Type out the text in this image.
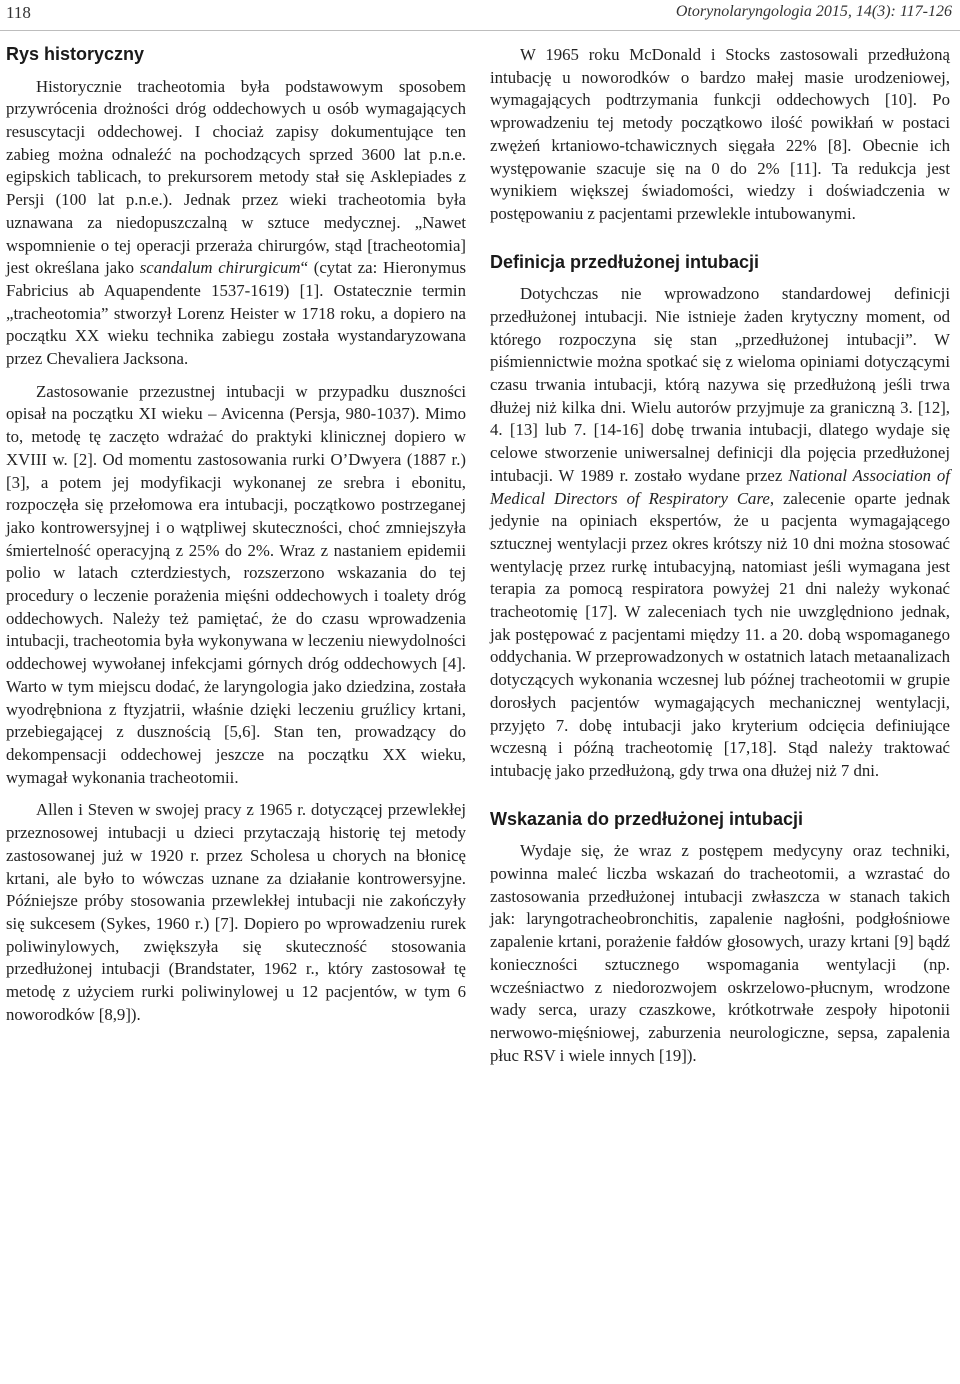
118	Otorynolaryngologia 2015, 14(3): 117-126
Rys historyczny

Historycznie tracheotomia była podstawowym sposobem przywrócenia drożności dróg oddechowych u osób wymagających resuscytacji oddechowej. I chociaż zapisy dokumentujące ten zabieg można odnaleźć na pochodzących sprzed 3600 lat p.n.e. egipskich tablicach, to prekursorem metody stał się Asklepiades z Persji (100 lat p.n.e.). Jednak przez wieki tracheotomia była uznawana za niedopuszczalną w sztuce medycznej. „Nawet wspomnienie o tej operacji przeraża chirurgów, stąd [tracheotomia] jest określana jako scandalum chirurgicum“ (cytat za: Hieronymus Fabricius ab Aquapendente 1537-1619) [1]. Ostatecznie termin „tracheotomia” stworzył Lorenz Heister w 1718 roku, a dopiero na początku XX wieku technika zabiegu została wystandaryzowana przez Chevaliera Jacksona.

Zastosowanie przezustnej intubacji w przypadku duszności opisał na początku XI wieku – Avicenna (Persja, 980-1037). Mimo to, metodę tę zaczęto wdrażać do praktyki klinicznej dopiero w XVIII w. [2]. Od momentu zastosowania rurki O’Dwyera (1887 r.) [3], a potem jej modyfikacji wykonanej ze srebra i ebonitu, rozpoczęła się przełomowa era intubacji, początkowo postrzeganej jako kontrowersyjnej i o wątpliwej skuteczności, choć zmniejszyła śmiertelność operacyjną z 25% do 2%. Wraz z nastaniem epidemii polio w latach czterdziestych, rozszerzono wskazania do tej procedury o leczenie porażenia mięśni oddechowych i toalety dróg oddechowych. Należy też pamiętać, że do czasu wprowadzenia intubacji, tracheotomia była wykonywana w leczeniu niewydolności oddechowej wywołanej infekcjami górnych dróg oddechowych [4]. Warto w tym miejscu dodać, że laryngologia jako dziedzina, została wyodrębniona z ftyzjatrii, właśnie dzięki leczeniu gruźlicy krtani, przebiegającej z dusznością [5,6]. Stan ten, prowadzący do dekompensacji oddechowej jeszcze na początku XX wieku, wymagał wykonania tracheotomii.

Allen i Steven w swojej pracy z 1965 r. dotyczącej przewlekłej przeznosowej intubacji u dzieci przytaczają historię tej metody zastosowanej już w 1920 r. przez Scholesa u chorych na błonicę krtani, ale było to wówczas uznane za działanie kontrowersyjne. Późniejsze próby stosowania przewlekłej intubacji nie zakończyły się sukcesem (Sykes, 1960 r.) [7]. Dopiero po wprowadzeniu rurek poliwinylowych, zwiększyła się skuteczność stosowania przedłużonej intubacji (Brandstater, 1962 r., który zastosował tę metodę z użyciem rurki poliwinylowej u 12 pacjentów, w tym 6 noworodków [8,9]).

W 1965 roku McDonald i Stocks zastosowali przedłużoną intubację u noworodków o bardzo małej masie urodzeniowej, wymagających podtrzymania funkcji oddechowych [10]. Po wprowadzeniu tej metody początkowo ilość powikłań w postaci zwężeń krtaniowo-tchawicznych sięgała 22% [8]. Obecnie ich występowanie szacuje się na 0 do 2% [11]. Ta redukcja jest wynikiem większej świadomości, wiedzy i doświadczenia w postępowaniu z pacjentami przewlekle intubowanymi.

Definicja przedłużonej intubacji

Dotychczas nie wprowadzono standardowej definicji przedłużonej intubacji. Nie istnieje żaden krytyczny moment, od którego rozpoczyna się stan „przedłużonej intubacji”. W piśmiennictwie można spotkać się z wieloma opiniami dotyczącymi czasu trwania intubacji, którą nazywa się przedłużoną jeśli trwa dłużej niż kilka dni. Wielu autorów przyjmuje za graniczną 3. [12], 4. [13] lub 7. [14-16] dobę trwania intubacji, dlatego wydaje się celowe stworzenie uniwersalnej definicji dla pojęcia przedłużonej intubacji. W 1989 r. zostało wydane przez National Association of Medical Directors of Respiratory Care, zalecenie oparte jednak jedynie na opiniach ekspertów, że u pacjenta wymagającego sztucznej wentylacji przez okres krótszy niż 10 dni można stosować wentylację przez rurkę intubacyjną, natomiast jeśli wymagana jest terapia za pomocą respiratora powyżej 21 dni należy wykonać tracheotomię [17]. W zaleceniach tych nie uwzględniono jednak, jak postępować z pacjentami między 11. a 20. dobą wspomaganego oddychania. W przeprowadzonych w ostatnich latach metaanalizach dotyczących wykonania wczesnej lub późnej tracheotomii w grupie dorosłych pacjentów wymagających mechanicznej wentylacji, przyjęto 7. dobę intubacji jako kryterium odcięcia definiujące wczesną i późną tracheotomię [17,18]. Stąd należy traktować intubację jako przedłużoną, gdy trwa ona dłużej niż 7 dni.

Wskazania do przedłużonej intubacji

Wydaje się, że wraz z postępem medycyny oraz techniki, powinna maleć liczba wskazań do tracheotomii, a wzrastać do zastosowania przedłużonej intubacji zwłaszcza w stanach takich jak: laryngotracheobronchitis, zapalenie nagłośni, podgłośniowe zapalenie krtani, porażenie fałdów głosowych, urazy krtani [9] bądź konieczności sztucznego wspomagania wentylacji (np. wcześniactwo z niedorozwojem oskrzelowo-płucnym, wrodzone wady serca, urazy czaszkowe, krótkotrwałe zespoły hipotonii nerwowo-mięśniowej, zaburzenia neurologiczne, sepsa, zapalenia płuc RSV i wiele innych [19]).
